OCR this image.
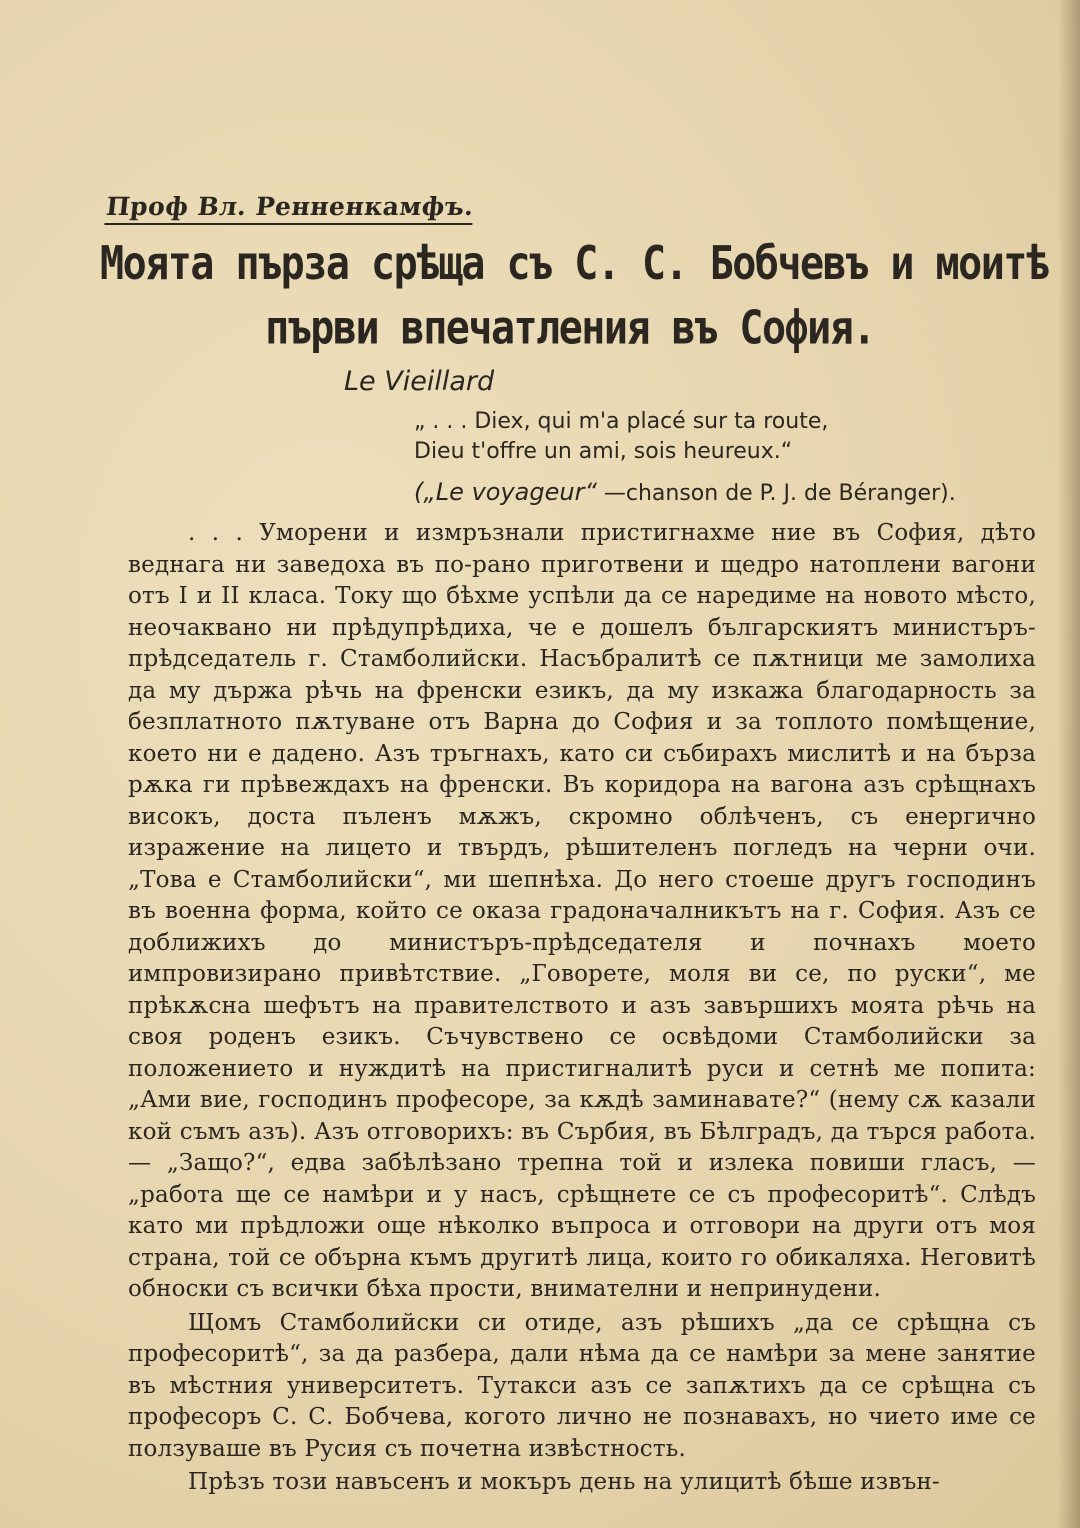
Проф Вл. Ренненкамфъ.
Моята пърза срѣща съ С. С. Бобчевъ и моитѣ
първи впечатления въ София.
Le Vieillard
„ . . . Diex, qui m'a placé sur ta route,
Dieu t'offre un ami, sois heureux.“
(„Le voyageur“ —chanson de P. J. de Béranger).

. . . Уморени и измръзнали пристигнахме ние въ София, дѣто веднага ни заведоха въ по-рано приготвени и щедро натоплени вагони отъ I и II класа. Току що бѣхме успѣли да се наредиме на новото мѣсто, неочаквано ни прѣдупрѣдиха, че е дошелъ българскиятъ министъръ-прѣдседатель г. Стамболийски. Насъбралитѣ се пѫтници ме замолиха да му държа рѣчь на френски езикъ, да му изкажа благодарность за безплатното пѫтуване отъ Варна до София и за топлото помѣщение, което ни е дадено. Азъ тръгнахъ, като си събирахъ мислитѣ и на бърза рѫка ги прѣвеждахъ на френски. Въ коридора на вагона азъ срѣщнахъ високъ, доста пъленъ мѫжъ, скромно облѣченъ, съ енергично изражение на лицето и твърдъ, рѣшителенъ погледъ на черни очи. „Това е Стамболийски“, ми шепнѣха. До него стоеше другъ господинъ въ военна форма, който се оказа градоначалникътъ на г. София. Азъ се доближихъ до министъръ-прѣдседателя и почнахъ моето импровизирано привѣтствие. „Говорете, моля ви се, по руски“, ме прѣкѫсна шефътъ на правителството и азъ завършихъ моята рѣчь на своя роденъ езикъ. Съчувствено се освѣдоми Стамболийски за положението и нуждитѣ на пристигналитѣ руси и сетнѣ ме попита: „Ами вие, господинъ професоре, за кѫдѣ заминавате?“ (нему сѫ казали кой съмъ азъ). Азъ отговорихъ: въ Сърбия, въ Бѣлградъ, да търся работа. — „Защо?“, едва забѣлѣзано трепна той и излека повиши гласъ, — „работа ще се намѣри и у насъ, срѣщнете се съ професоритѣ“. Слѣдъ като ми прѣдложи още нѣколко въпроса и отговори на други отъ моя страна, той се обърна къмъ другитѣ лица, които го обикаляха. Неговитѣ обноски съ всички бѣха прости, внимателни и непринудени.

Щомъ Стамболийски си отиде, азъ рѣшихъ „да се срѣщна съ професоритѣ“, за да разбера, дали нѣма да се намѣри за мене занятие въ мѣстния университетъ. Тутакси азъ се запѫтихъ да се срѣщна съ професоръ С. С. Бобчева, когото лично не познавахъ, но чието име се ползуваше въ Русия съ почетна извѣстность.

Прѣзъ този навъсенъ и мокъръ день на улицитѣ бѣше извън-
